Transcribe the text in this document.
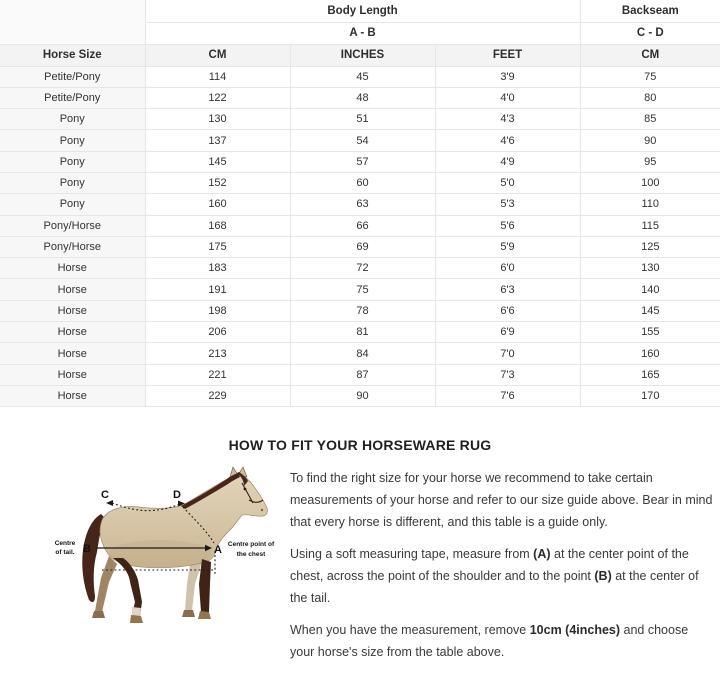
	Body Length			Backseam
	A - B			C - D
Horse Size	CM	INCHES	FEET	CM
Petite/Pony	114	45	3'9	75
Petite/Pony	122	48	4'0	80
Pony	130	51	4'3	85
Pony	137	54	4'6	90
Pony	145	57	4'9	95
Pony	152	60	5'0	100
Pony	160	63	5'3	110
Pony/Horse	168	66	5'6	115
Pony/Horse	175	69	5'9	125
Horse	183	72	6'0	130
Horse	191	75	6'3	140
Horse	198	78	6'6	145
Horse	206	81	6'9	155
Horse	213	84	7'0	160
Horse	221	87	7'3	165
Horse	229	90	7'6	170
HOW TO FIT YOUR HORSEWARE RUG
C	D
B	A
Centre
of tail.
Centre point of
the chest

To find the right size for your horse we recommend to take certain measurements of your horse and refer to our size guide above. Bear in mind that every horse is different, and this table is a guide only.

Using a soft measuring tape, measure from (A) at the center point of the chest, across the point of the shoulder and to the point (B) at the center of the tail.

When you have the measurement, remove 10cm (4inches) and choose your horse's size from the table above.
